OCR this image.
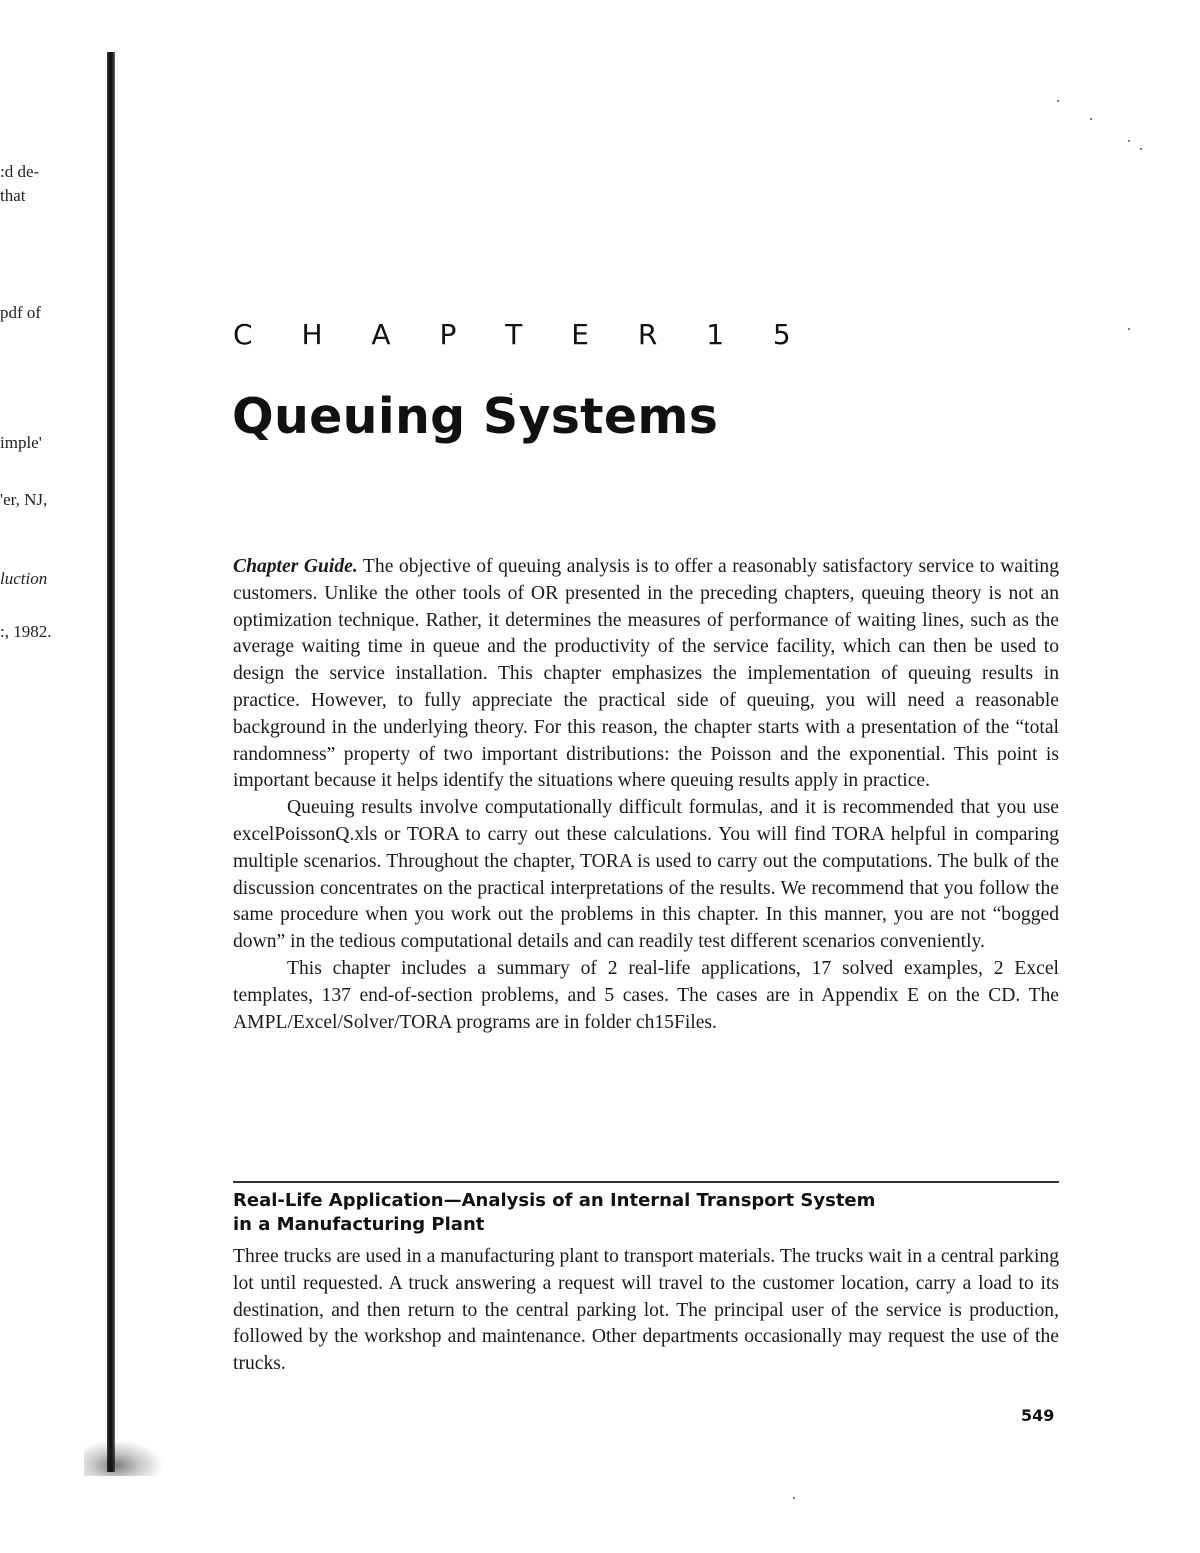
:d de-
that
pdf of
imple'
'er, NJ,
luction
:, 1982.
C H A P T E R 1 5
Queuing Systems

Chapter Guide. The objective of queuing analysis is to offer a reasonably satisfactory service to waiting customers. Unlike the other tools of OR presented in the preceding chapters, queuing theory is not an optimization technique. Rather, it determines the measures of performance of waiting lines, such as the average waiting time in queue and the productivity of the service facility, which can then be used to design the service installation. This chapter emphasizes the implementation of queuing results in practice. However, to fully appreciate the practical side of queuing, you will need a reasonable background in the underlying theory. For this reason, the chapter starts with a presentation of the “total randomness” property of two important distributions: the Poisson and the exponential. This point is important because it helps identify the situations where queuing results apply in practice.

Queuing results involve computationally difficult formulas, and it is recommended that you use excelPoissonQ.xls or TORA to carry out these calculations. You will find TORA helpful in comparing multiple scenarios. Throughout the chapter, TORA is used to carry out the computations. The bulk of the discussion concentrates on the practical interpretations of the results. We recommend that you follow the same procedure when you work out the problems in this chapter. In this manner, you are not “bogged down” in the tedious computational details and can readily test different scenarios conveniently.

This chapter includes a summary of 2 real-life applications, 17 solved examples, 2 Excel templates, 137 end-of-section problems, and 5 cases. The cases are in Appendix E on the CD. The AMPL/Excel/Solver/TORA programs are in folder ch15Files.

Real-Life Application—Analysis of an Internal Transport System
in a Manufacturing Plant

Three trucks are used in a manufacturing plant to transport materials. The trucks wait in a central parking lot until requested. A truck answering a request will travel to the customer location, carry a load to its destination, and then return to the central parking lot. The principal user of the service is production, followed by the workshop and maintenance. Other departments occasionally may request the use of the trucks.

549
